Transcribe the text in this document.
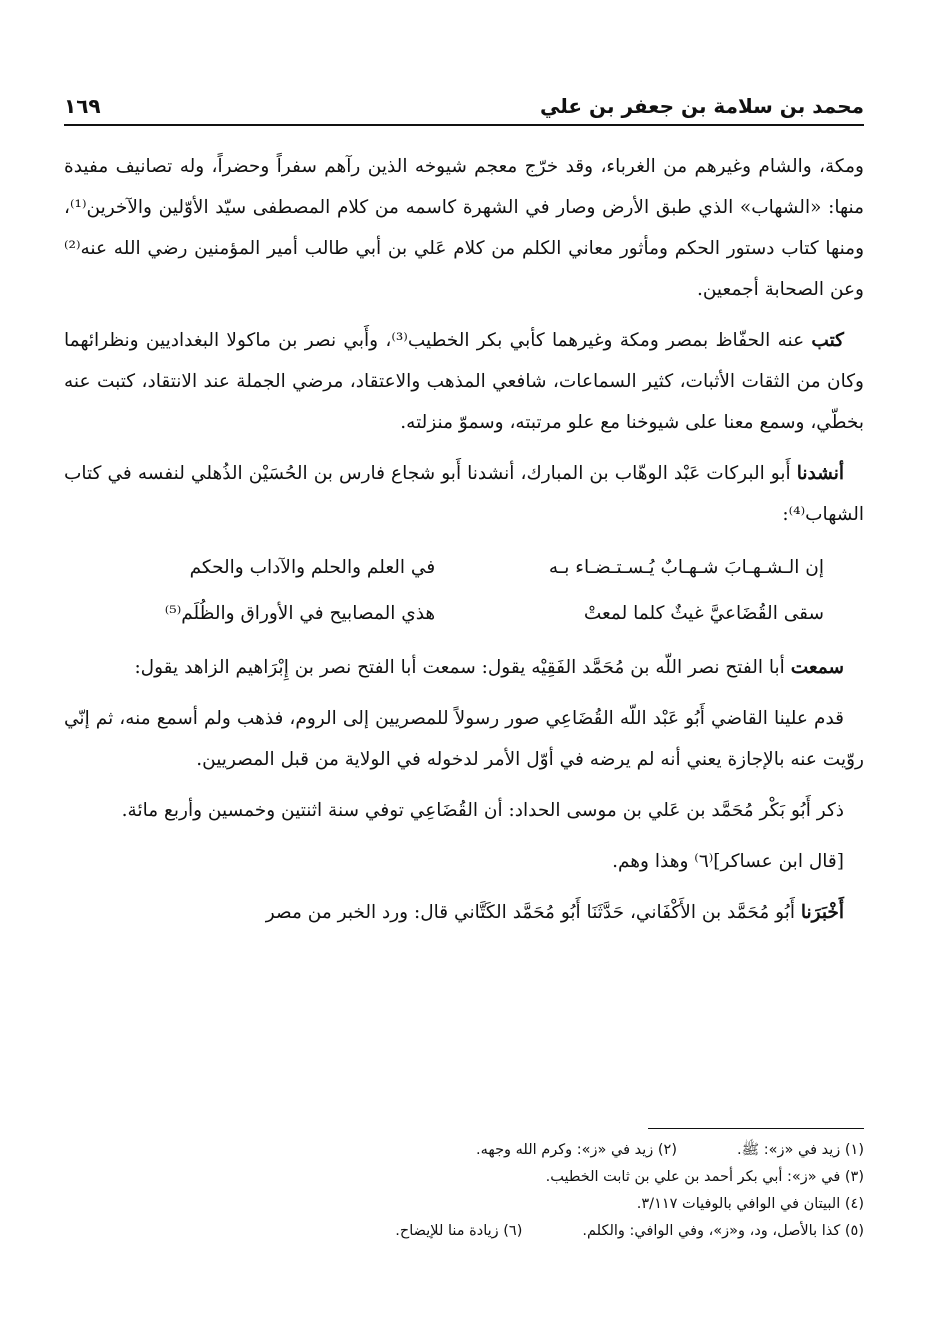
محمد بن سلامة بن جعفر بن علي
١٦٩

ومكة، والشام وغيرهم من الغرباء، وقد خرّج معجم شيوخه الذين رآهم سفراً وحضراً، وله تصانيف مفيدة منها: «الشهاب» الذي طبق الأرض وصار في الشهرة كاسمه من كلام المصطفى سيّد الأوّلين والآخرين⁽¹⁾، ومنها كتاب دستور الحكم ومأثور معاني الكلم من كلام عَلي بن أبي طالب أمير المؤمنين رضي الله عنه⁽²⁾ وعن الصحابة أجمعين.

كتب عنه الحفّاظ بمصر ومكة وغيرهما كأبي بكر الخطيب⁽³⁾، وأَبي نصر بن ماكولا البغداديين ونظرائهما وكان من الثقات الأثبات، كثير السماعات، شافعي المذهب والاعتقاد، مرضي الجملة عند الانتقاد، كتبت عنه بخطّي، وسمع معنا على شيوخنا مع علو مرتبته، وسموّ منزلته.

أنشدنا أَبو البركات عَبْد الوهّاب بن المبارك، أنشدنا أَبو شجاع فارس بن الحُسَيْن الذُهلي لنفسه في كتاب الشهاب⁽⁴⁾:

إن الـشـهـابَ شـهـابٌ يُـسـتـضـاء بـه
في العلم والحلم والآداب والحكم
سقى القُضَاعيَّ غيثٌ كلما لمعتْ
هذي المصابيح في الأوراق والظُلَم⁽⁵⁾

سمعت أبا الفتح نصر اللّه بن مُحَمَّد الفَقِيْه يقول: سمعت أبا الفتح نصر بن إِبْرَاهيم الزاهد يقول:

قدم علينا القاضي أَبُو عَبْد اللّه القُضَاعِي صور رسولاً للمصريين إلى الروم، فذهب ولم أسمع منه، ثم إنّي روّيت عنه بالإجازة يعني أنه لم يرضه في أوّل الأمر لدخوله في الولاية من قبل المصريين.

ذكر أَبُو بَكْر مُحَمَّد بن عَلي بن موسى الحداد: أن القُضَاعِي توفي سنة اثنتين وخمسين وأربع مائة.

[قال ابن عساكر]⁽٦⁾ وهذا وهم.

أَخْبَرَنا أَبُو مُحَمَّد بن الأَكْفَاني، حَدَّثَنَا أَبُو مُحَمَّد الكَتَّاني قال: ورد الخبر من مصر

(١) زيد في «ز»: ﷺ.
(٢) زيد في «ز»: وكرم الله وجهه.
(٣) في «ز»: أبي بكر أحمد بن علي بن ثابت الخطيب.
(٤) البيتان في الوافي بالوفيات ٣/١١٧.
(٥) كذا بالأصل، ود، و«ز»، وفي الوافي: والكلم.
(٦) زيادة منا للإيضاح.
